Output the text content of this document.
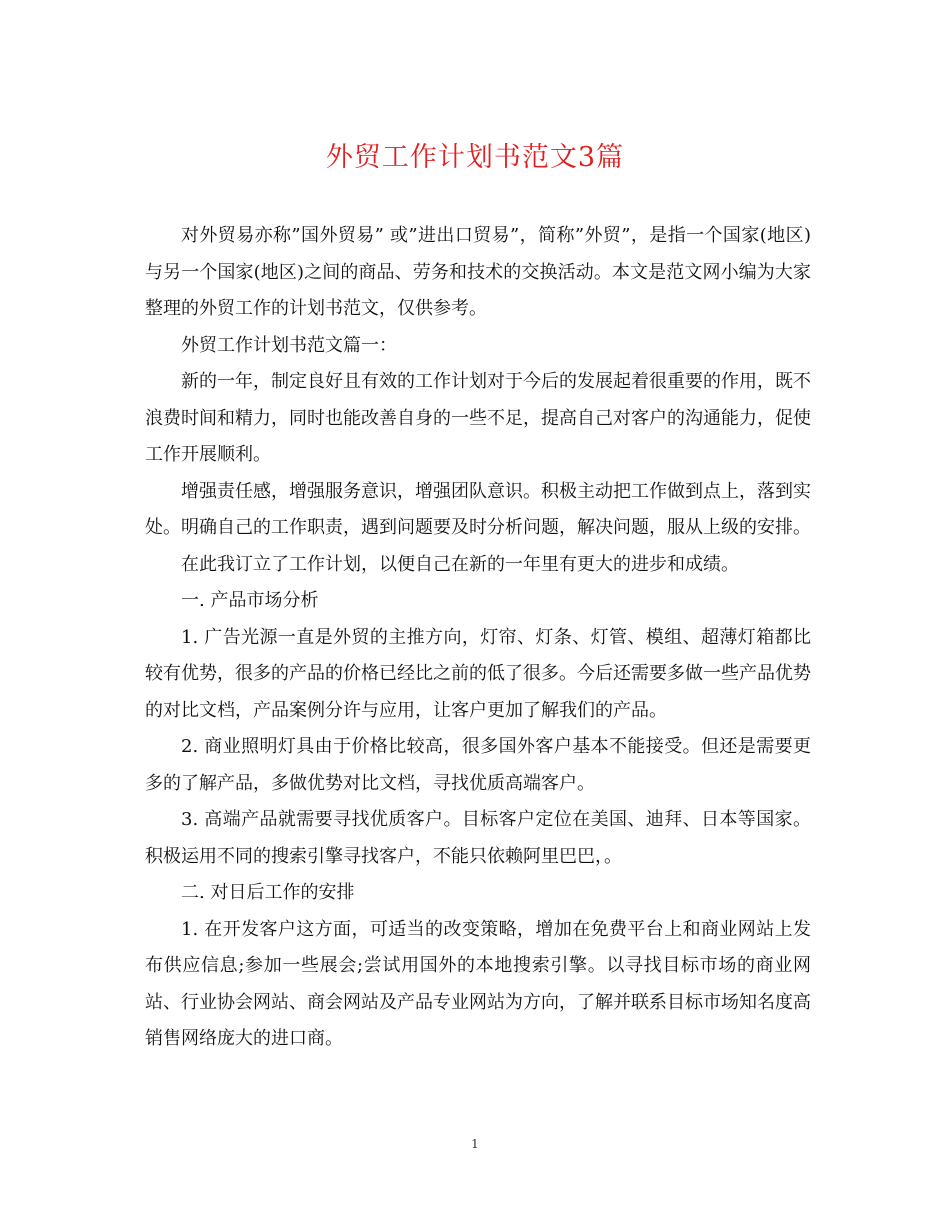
外贸工作计划书范文3篇

对外贸易亦称”国外贸易” 或”进出口贸易”，简称”外贸”，是指一个国家(地区)与另一个国家(地区)之间的商品、劳务和技术的交换活动。本文是范文网小编为大家整理的外贸工作的计划书范文，仅供参考。

外贸工作计划书范文篇一：

新的一年，制定良好且有效的工作计划对于今后的发展起着很重要的作用，既不浪费时间和精力，同时也能改善自身的一些不足，提高自己对客户的沟通能力，促使工作开展顺利。

增强责任感，增强服务意识，增强团队意识。积极主动把工作做到点上，落到实处。明确自己的工作职责，遇到问题要及时分析问题，解决问题，服从上级的安排。

在此我订立了工作计划，以便自己在新的一年里有更大的进步和成绩。

一. 产品市场分析

1. 广告光源一直是外贸的主推方向，灯帘、灯条、灯管、模组、超薄灯箱都比较有优势，很多的产品的价格已经比之前的低了很多。今后还需要多做一些产品优势的对比文档，产品案例分许与应用，让客户更加了解我们的产品。

2. 商业照明灯具由于价格比较高，很多国外客户基本不能接受。但还是需要更多的了解产品，多做优势对比文档，寻找优质高端客户。

3. 高端产品就需要寻找优质客户。目标客户定位在美国、迪拜、日本等国家。积极运用不同的搜索引擎寻找客户，不能只依赖阿里巴巴，。

二. 对日后工作的安排

1. 在开发客户这方面，可适当的改变策略，增加在免费平台上和商业网站上发布供应信息;参加一些展会;尝试用国外的本地搜索引擎。以寻找目标市场的商业网站、行业协会网站、商会网站及产品专业网站为方向，了解并联系目标市场知名度高销售网络庞大的进口商。

1
